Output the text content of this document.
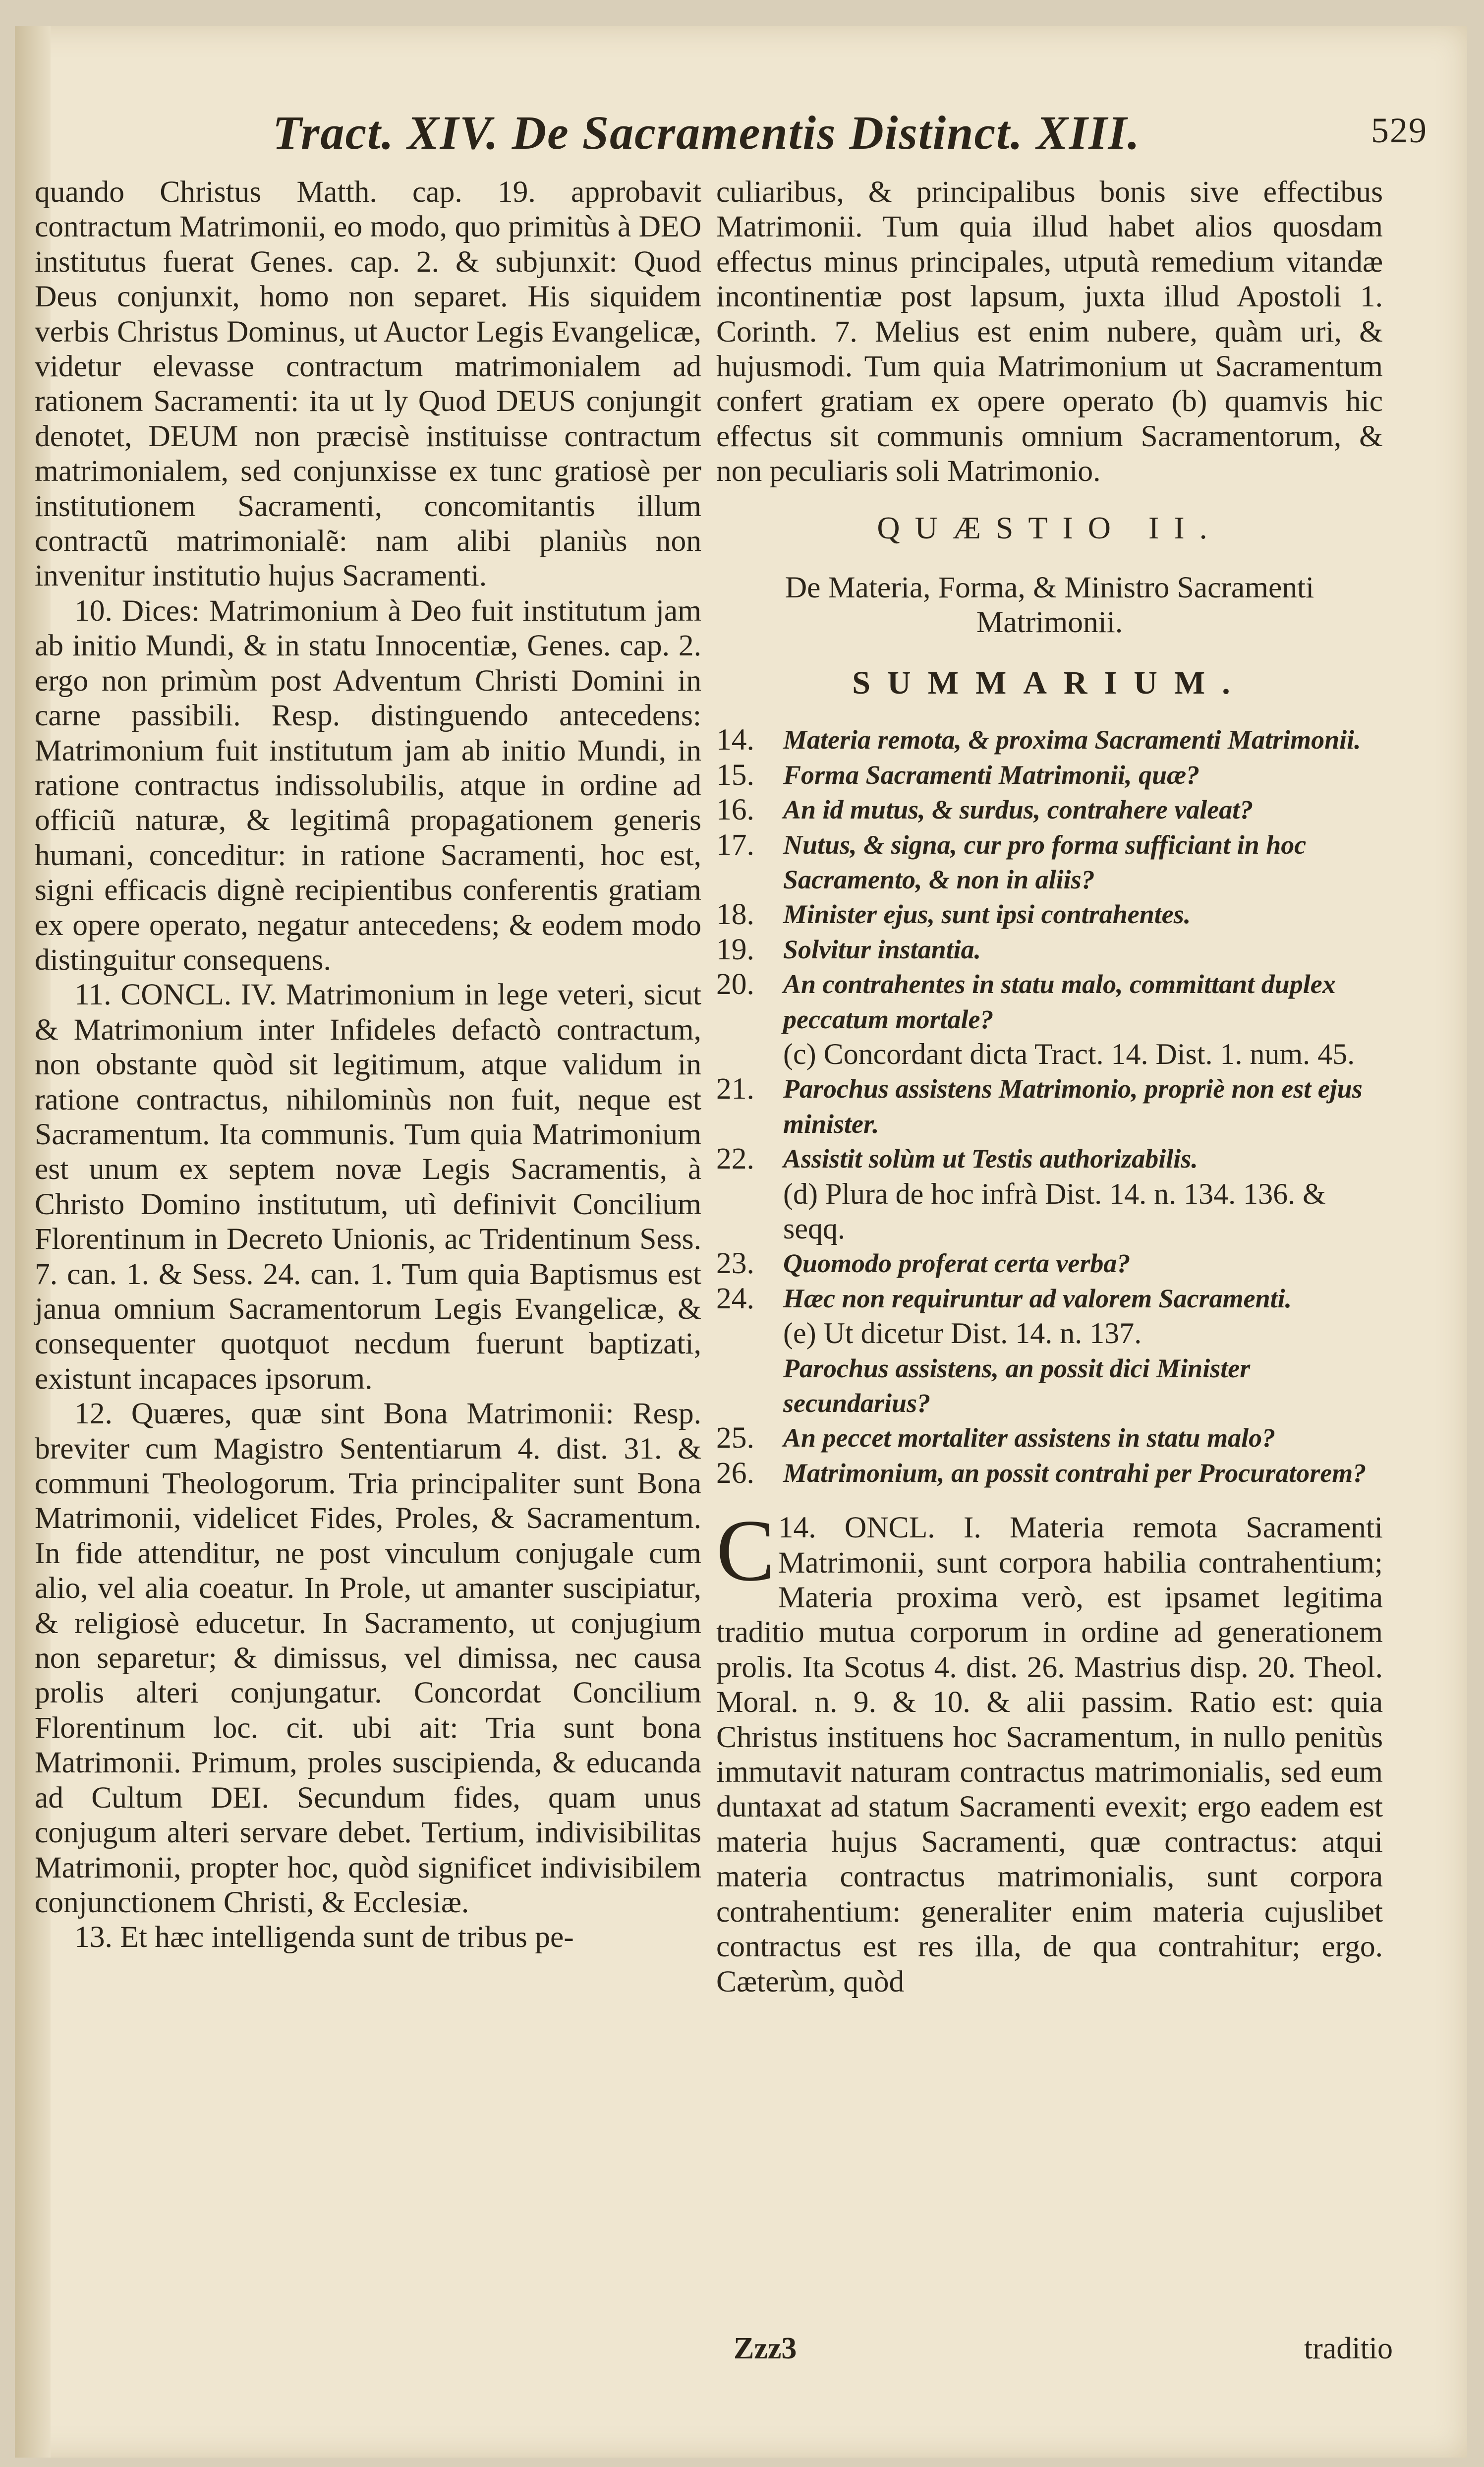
Tract. XIV. De Sacramentis Distinct. XIII.	529

quando Christus Matth. cap. 19. approbavit contractum Matrimonii, eo modo, quo primitùs à DEO institutus fuerat Genes. cap. 2. & subjunxit: Quod Deus conjunxit, homo non separet. His siquidem verbis Christus Dominus, ut Auctor Legis Evangelicæ, videtur elevasse contractum matrimonialem ad rationem Sacramenti: ita ut ly Quod DEUS conjungit denotet, DEUM non præcisè instituisse contractum matrimonialem, sed conjunxisse ex tunc gratiosè per institutionem Sacramenti, concomitantis illum contractũ matrimonialẽ: nam alibi planiùs non invenitur institutio hujus Sacramenti.

10. Dices: Matrimonium à Deo fuit institutum jam ab initio Mundi, & in statu Innocentiæ, Genes. cap. 2. ergo non primùm post Adventum Christi Domini in carne passibili. Resp. distinguendo antecedens: Matrimonium fuit institutum jam ab initio Mundi, in ratione contractus indissolubilis, atque in ordine ad officiũ naturæ, & legitimâ propagationem generis humani, conceditur: in ratione Sacramenti, hoc est, signi efficacis dignè recipientibus conferentis gratiam ex opere operato, negatur antecedens; & eodem modo distinguitur consequens.

11. CONCL. IV. Matrimonium in lege veteri, sicut & Matrimonium inter Infideles defactò contractum, non obstante quòd sit legitimum, atque validum in ratione contractus, nihilominùs non fuit, neque est Sacramentum. Ita communis. Tum quia Matrimonium est unum ex septem novæ Legis Sacramentis, à Christo Domino institutum, utì definivit Concilium Florentinum in Decreto Unionis, ac Tridentinum Sess. 7. can. 1. & Sess. 24. can. 1. Tum quia Baptismus est janua omnium Sacramentorum Legis Evangelicæ, & consequenter quotquot necdum fuerunt baptizati, existunt incapaces ipsorum.

12. Quæres, quæ sint Bona Matrimonii: Resp. breviter cum Magistro Sententiarum 4. dist. 31. & communi Theologorum. Tria principaliter sunt Bona Matrimonii, videlicet Fides, Proles, & Sacramentum. In fide attenditur, ne post vinculum conjugale cum alio, vel alia coeatur. In Prole, ut amanter suscipiatur, & religiosè educetur. In Sacramento, ut conjugium non separetur; & dimissus, vel dimissa, nec causa prolis alteri conjungatur. Concordat Concilium Florentinum loc. cit. ubi ait: Tria sunt bona Matrimonii. Primum, proles suscipienda, & educanda ad Cultum DEI. Secundum fides, quam unus conjugum alteri servare debet. Tertium, indivisibilitas Matrimonii, propter hoc, quòd significet indivisibilem conjunctionem Christi, & Ecclesiæ.

13. Et hæc intelligenda sunt de tribus pe-

culiaribus, & principalibus bonis sive effectibus Matrimonii. Tum quia illud habet alios quosdam effectus minus principales, utputà remedium vitandæ incontinentiæ post lapsum, juxta illud Apostoli 1. Corinth. 7. Melius est enim nubere, quàm uri, & hujusmodi. Tum quia Matrimonium ut Sacramentum confert gratiam ex opere operato (b) quamvis hic effectus sit communis omnium Sacramentorum, & non peculiaris soli Matrimonio.

QUÆSTIO II.

De Materia, Forma, & Ministro Sacramenti Matrimonii.

SUMMARIUM.

14.	Materia remota, & proxima Sacramenti Matrimonii.
15.	Forma Sacramenti Matrimonii, quæ?
16.	An id mutus, & surdus, contrahere valeat?
17.	Nutus, & signa, cur pro forma sufficiant in hoc Sacramento, & non in aliis?
18.	Minister ejus, sunt ipsi contrahentes.
19.	Solvitur instantia.
20.	An contrahentes in statu malo, committant duplex peccatum mortale?

(c) Concordant dicta Tract. 14. Dist. 1. num. 45.

21.	Parochus assistens Matrimonio, propriè non est ejus minister.
22.	Assistit solùm ut Testis authorizabilis.

(d) Plura de hoc infrà Dist. 14. n. 134. 136. & seqq.

23.	Quomodo proferat certa verba?
24.	Hæc non requiruntur ad valorem Sacramenti.

(e) Ut dicetur Dist. 14. n. 137.

Parochus assistens, an possit dici Minister secundarius?

25.	An peccet mortaliter assistens in statu malo?
26.	Matrimonium, an possit contrahi per Procuratorem?

14.
C ONCL. I. Materia remota Sacramenti Matrimonii, sunt corpora habilia contrahentium; Materia proxima verò, est ipsamet legitima traditio mutua corporum in ordine ad generationem prolis. Ita Scotus 4. dist. 26. Mastrius disp. 20. Theol. Moral. n. 9. & 10. & alii passim. Ratio est: quia Christus instituens hoc Sacramentum, in nullo penitùs immutavit naturam contractus matrimonialis, sed eum duntaxat ad statum Sacramenti evexit; ergo eadem est materia hujus Sacramenti, quæ contractus: atqui materia contractus matrimonialis, sunt corpora contrahentium: generaliter enim materia cujuslibet contractus est res illa, de qua contrahitur; ergo. Cæterùm, quòd

Zzz3	traditio
